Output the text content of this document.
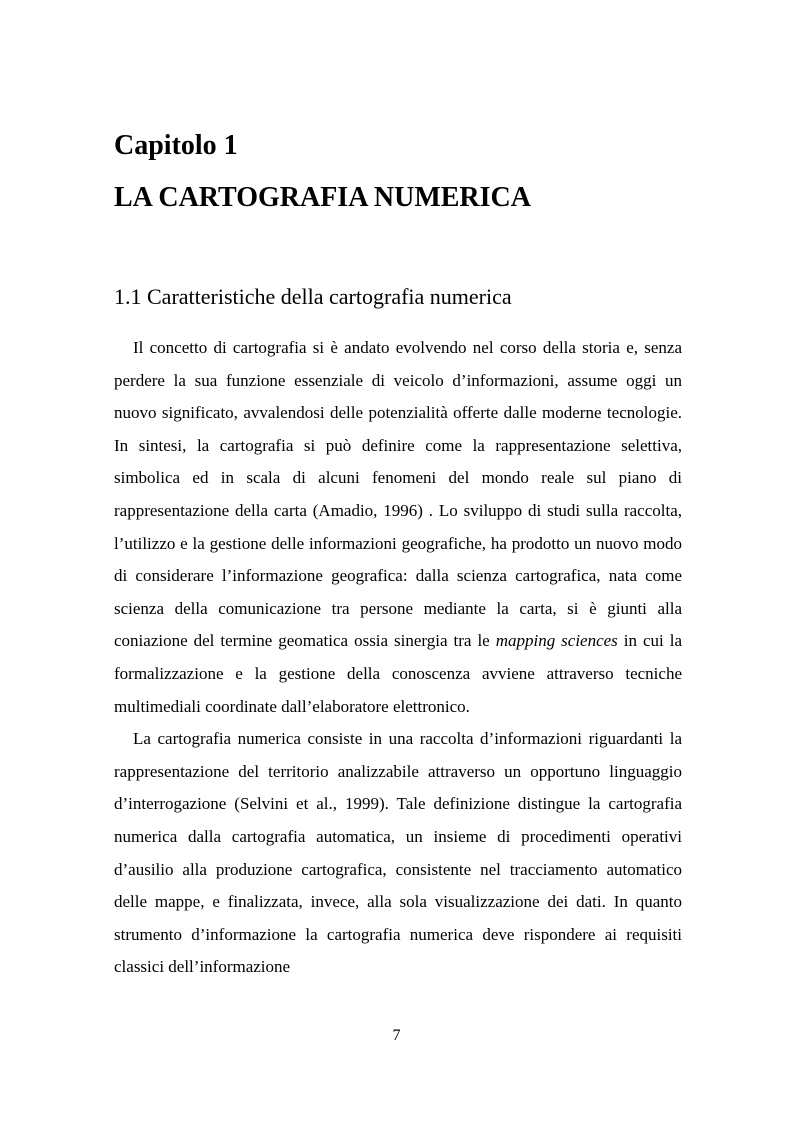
Capitolo 1
LA CARTOGRAFIA NUMERICA
1.1 Caratteristiche della cartografia numerica

Il concetto di cartografia si è andato evolvendo nel corso della storia e, senza perdere la sua funzione essenziale di veicolo d’informazioni, assume oggi un nuovo significato, avvalendosi delle potenzialità offerte dalle moderne tecnologie. In sintesi, la cartografia si può definire come la rappresentazione selettiva, simbolica ed in scala di alcuni fenomeni del mondo reale sul piano di rappresentazione della carta (Amadio, 1996) . Lo sviluppo di studi sulla raccolta, l’utilizzo e la gestione delle informazioni geografiche, ha prodotto un nuovo modo di considerare l’informazione geografica: dalla scienza cartografica, nata come scienza della comunicazione tra persone mediante la carta, si è giunti alla coniazione del termine geomatica ossia sinergia tra le mapping sciences in cui la formalizzazione e la gestione della conoscenza avviene attraverso tecniche multimediali coordinate dall’elaboratore elettronico.

La cartografia numerica consiste in una raccolta d’informazioni riguardanti la rappresentazione del territorio analizzabile attraverso un opportuno linguaggio d’interrogazione (Selvini et al., 1999). Tale definizione distingue la cartografia numerica dalla cartografia automatica, un insieme di procedimenti operativi d’ausilio alla produzione cartografica, consistente nel tracciamento automatico delle mappe, e finalizzata, invece, alla sola visualizzazione dei dati. In quanto strumento d’informazione la cartografia numerica deve rispondere ai requisiti classici dell’informazione

7
